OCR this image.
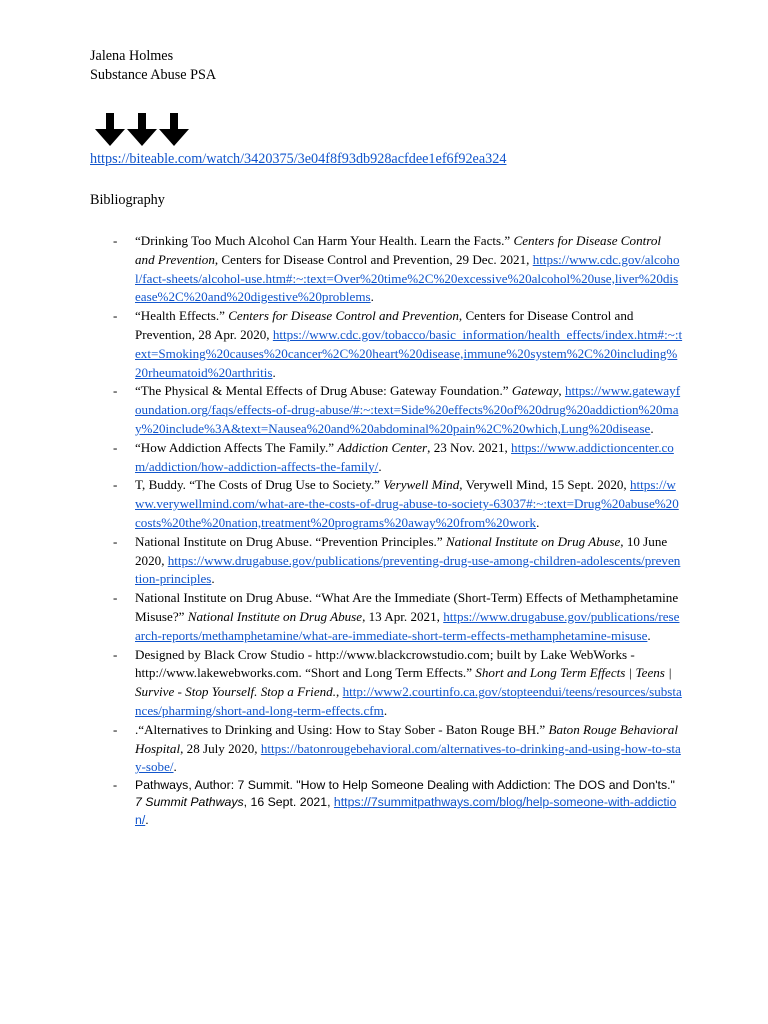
Jalena Holmes
Substance Abuse PSA
https://biteable.com/watch/3420375/3e04f8f93db928acfdee1ef6f92ea324
Bibliography
- “Drinking Too Much Alcohol Can Harm Your Health. Learn the Facts.” Centers for Disease Control and Prevention, Centers for Disease Control and Prevention, 29 Dec. 2021, https://www.cdc.gov/alcohol/fact-sheets/alcohol-use.htm#:~:text=Over%20time%2C%20excessive%20alcohol%20use,liver%20disease%2C%20and%20digestive%20problems.
- “Health Effects.” Centers for Disease Control and Prevention, Centers for Disease Control and Prevention, 28 Apr. 2020, https://www.cdc.gov/tobacco/basic_information/health_effects/index.htm#:~:text=Smoking%20causes%20cancer%2C%20heart%20disease,immune%20system%2C%20including%20rheumatoid%20arthritis.
- “The Physical & Mental Effects of Drug Abuse: Gateway Foundation.” Gateway, https://www.gatewayfoundation.org/faqs/effects-of-drug-abuse/#:~:text=Side%20effects%20of%20drug%20addiction%20may%20include%3A&text=Nausea%20and%20abdominal%20pain%2C%20which,Lung%20disease.
- “How Addiction Affects The Family.” Addiction Center, 23 Nov. 2021, https://www.addictioncenter.com/addiction/how-addiction-affects-the-family/.
- T, Buddy. “The Costs of Drug Use to Society.” Verywell Mind, Verywell Mind, 15 Sept. 2020, https://www.verywellmind.com/what-are-the-costs-of-drug-abuse-to-society-63037#:~:text=Drug%20abuse%20costs%20the%20nation,treatment%20programs%20away%20from%20work.
- National Institute on Drug Abuse. “Prevention Principles.” National Institute on Drug Abuse, 10 June 2020, https://www.drugabuse.gov/publications/preventing-drug-use-among-children-adolescents/prevention-principles.
- National Institute on Drug Abuse. “What Are the Immediate (Short-Term) Effects of Methamphetamine Misuse?” National Institute on Drug Abuse, 13 Apr. 2021, https://www.drugabuse.gov/publications/research-reports/methamphetamine/what-are-immediate-short-term-effects-methamphetamine-misuse.
- Designed by Black Crow Studio - http://www.blackcrowstudio.com; built by Lake WebWorks - http://www.lakewebworks.com. “Short and Long Term Effects.” Short and Long Term Effects | Teens | Survive - Stop Yourself. Stop a Friend., http://www2.courtinfo.ca.gov/stopteendui/teens/resources/substances/pharming/short-and-long-term-effects.cfm.
- .“Alternatives to Drinking and Using: How to Stay Sober - Baton Rouge BH.” Baton Rouge Behavioral Hospital, 28 July 2020, https://batonrougebehavioral.com/alternatives-to-drinking-and-using-how-to-stay-sobe/.
- Pathways, Author: 7 Summit. "How to Help Someone Dealing with Addiction: The DOS and Don'ts." 7 Summit Pathways, 16 Sept. 2021, https://7summitpathways.com/blog/help-someone-with-addiction/.
